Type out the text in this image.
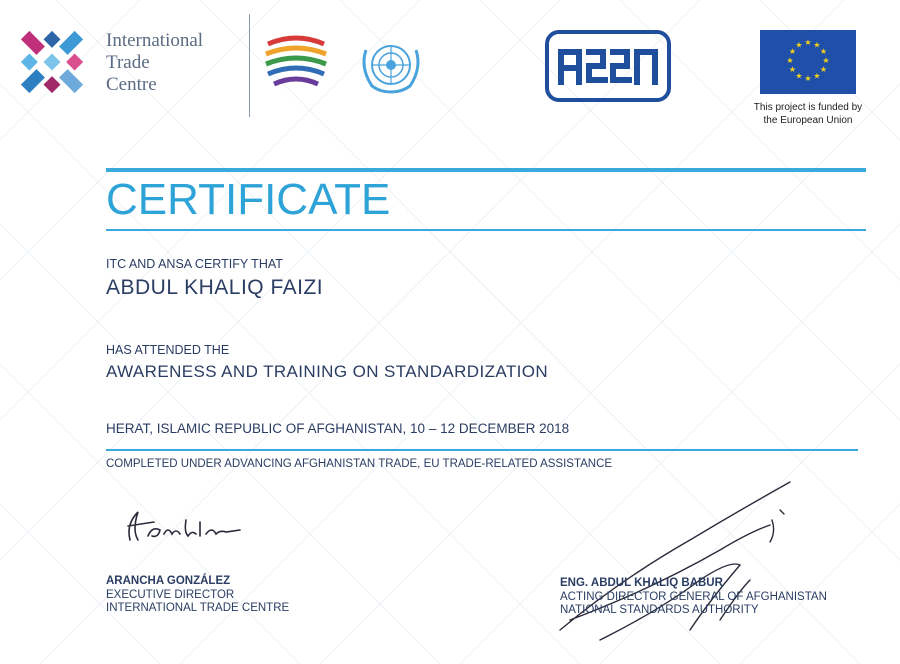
International
Trade
Centre
★ ★
★
★
★
★
★
★
★
★
★
★
This project is funded by
the European Union
CERTIFICATE
ITC AND ANSA CERTIFY THAT
ABDUL KHALIQ FAIZI
HAS ATTENDED THE
AWARENESS AND TRAINING ON STANDARDIZATION
HERAT, ISLAMIC REPUBLIC OF AFGHANISTAN, 10 – 12 DECEMBER 2018
COMPLETED UNDER ADVANCING AFGHANISTAN TRADE, EU TRADE-RELATED ASSISTANCE
ARANCHA GONZÁLEZ
EXECUTIVE DIRECTOR
INTERNATIONAL TRADE CENTRE
ENG. ABDUL KHALIQ BABUR
ACTING DIRECTOR GENERAL OF AFGHANISTAN
NATIONAL STANDARDS AUTHORITY
